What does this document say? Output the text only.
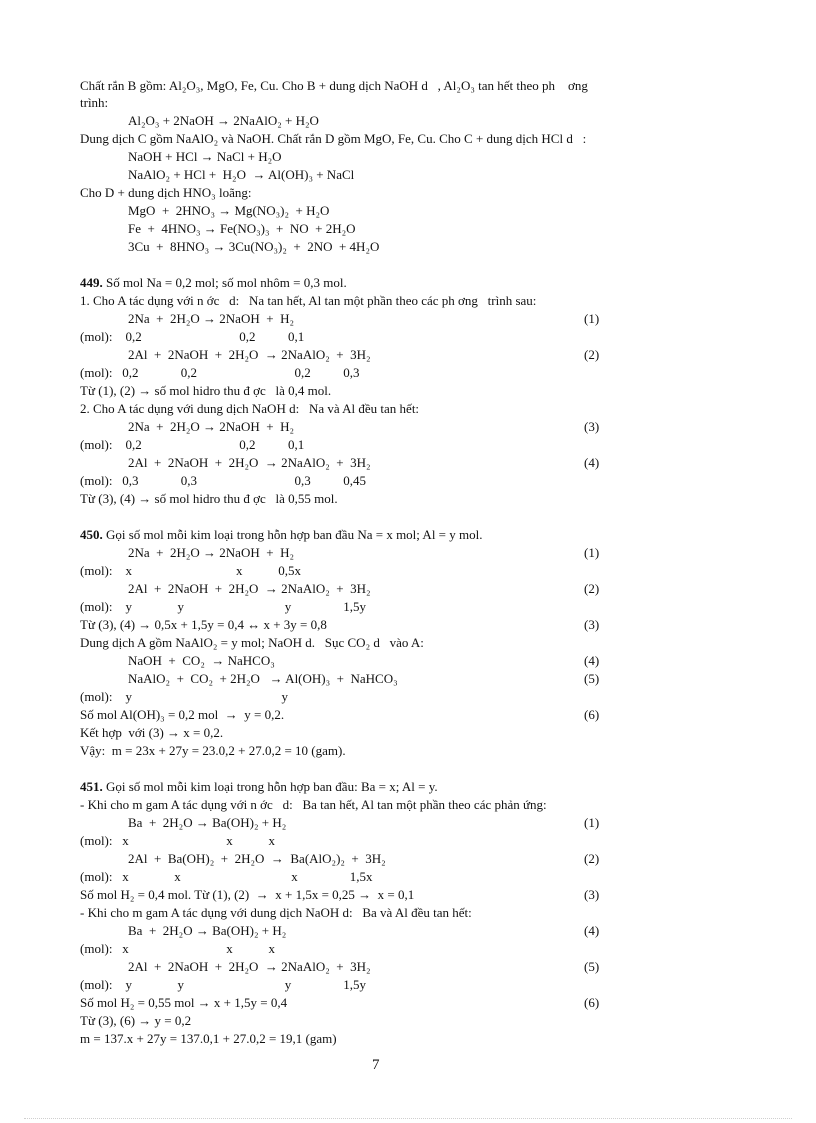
Chất rắn B gồm: Al₂O₃, MgO, Fe, Cu. Cho B + dung dịch NaOH d   , Al₂O₃ tan hết theo ph    ơng
trình:
Al₂O₃ + 2NaOH → 2NaAlO₂ + H₂O
Dung dịch C gồm NaAlO₂ và NaOH. Chất rắn D gồm MgO, Fe, Cu. Cho C + dung dịch HCl d   :
NaOH + HCl → NaCl + H₂O
NaAlO₂ + HCl +  H₂O  → Al(OH)₃ + NaCl
Cho D + dung dịch HNO₃ loãng:
MgO  +  2HNO₃ → Mg(NO₃)₂  + H₂O
Fe  +  4HNO₃ → Fe(NO₃)₃  +  NO  + 2H₂O
3Cu  +  8HNO₃ → 3Cu(NO₃)₂  +  2NO  + 4H₂O
449. Số mol Na = 0,2 mol; số mol nhôm = 0,3 mol.
1. Cho A tác dụng với n ớc   d:   Na tan hết, Al tan một phần theo các ph ơng   trình sau:
2Na  +  2H₂O → 2NaOH  +  H₂	(1)
(mol):    0,2                              0,2          0,1
2Al  +  2NaOH  +  2H₂O  → 2NaAlO₂  +  3H₂	(2)
(mol):   0,2             0,2                              0,2          0,3
Từ (1), (2) → số mol hidro thu đ ợc   là 0,4 mol.
2. Cho A tác dụng với dung dịch NaOH d:   Na và Al đều tan hết:
2Na  +  2H₂O → 2NaOH  +  H₂	(3)
(mol):    0,2                              0,2          0,1
2Al  +  2NaOH  +  2H₂O  → 2NaAlO₂  +  3H₂	(4)
(mol):   0,3             0,3                              0,3          0,45
Từ (3), (4) → số mol hidro thu đ ợc   là 0,55 mol.
450. Gọi số mol mỗi kim loại trong hỗn hợp ban đầu Na = x mol; Al = y mol.
2Na  +  2H₂O → 2NaOH  +  H₂	(1)
(mol):    x                                x           0,5x
2Al  +  2NaOH  +  2H₂O  → 2NaAlO₂  +  3H₂	(2)
(mol):    y              y                               y                1,5y
Từ (3), (4) → 0,5x + 1,5y = 0,4 ↔ x + 3y = 0,8	(3)
Dung dịch A gồm NaAlO₂ = y mol; NaOH d.   Sục CO₂ d   vào A:
NaOH  +  CO₂  → NaHCO₃	(4)
NaAlO₂  +  CO₂  + 2H₂O   → Al(OH)₃  +  NaHCO₃	(5)
(mol):    y                                              y
Số mol Al(OH)₃ = 0,2 mol  →  y = 0,2.	(6)
Kết hợp  với (3) → x = 0,2.
Vậy:  m = 23x + 27y = 23.0,2 + 27.0,2 = 10 (gam).
451. Gọi số mol mỗi kim loại trong hỗn hợp ban đầu: Ba = x; Al = y.
- Khi cho m gam A tác dụng với n ớc   d:   Ba tan hết, Al tan một phần theo các phản ứng:
Ba  +  2H₂O → Ba(OH)₂ + H₂	(1)
(mol):   x                              x           x
2Al  +  Ba(OH)₂  +  2H₂O  →  Ba(AlO₂)₂  +  3H₂	(2)
(mol):   x              x                                  x                1,5x
Số mol H₂ = 0,4 mol. Từ (1), (2)  →  x + 1,5x = 0,25 →  x = 0,1	(3)
- Khi cho m gam A tác dụng với dung dịch NaOH d:   Ba và Al đều tan hết:
Ba  +  2H₂O → Ba(OH)₂ + H₂	(4)
(mol):   x                              x           x
2Al  +  2NaOH  +  2H₂O  → 2NaAlO₂  +  3H₂	(5)
(mol):    y              y                               y                1,5y
Số mol H₂ = 0,55 mol → x + 1,5y = 0,4	(6)
Từ (3), (6) → y = 0,2
m = 137.x + 27y = 137.0,1 + 27.0,2 = 19,1 (gam)
7
